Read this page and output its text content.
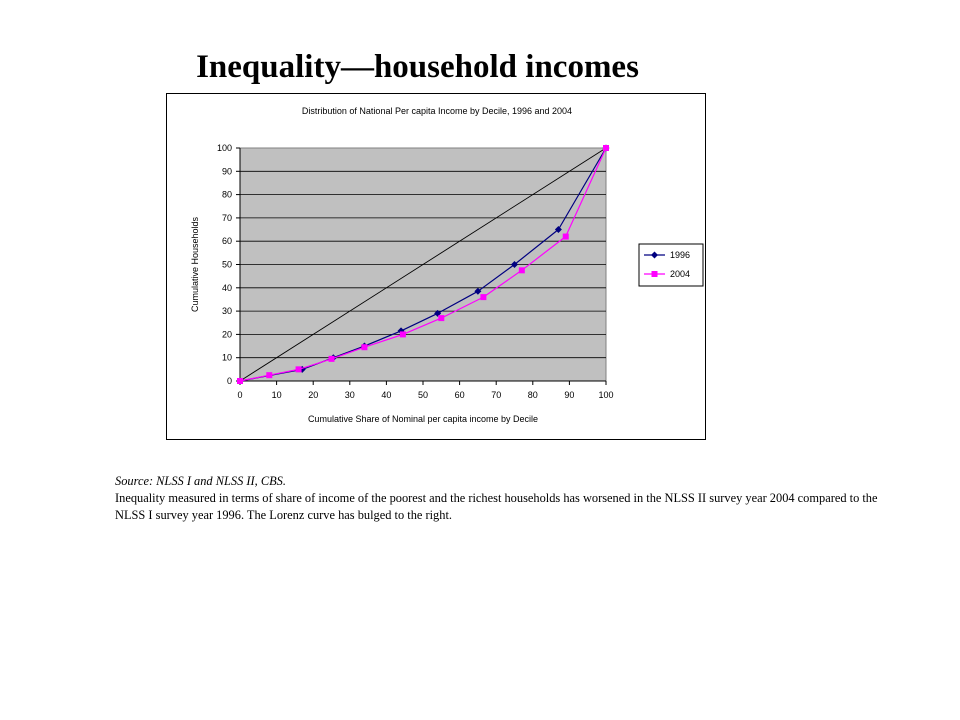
Inequality—household incomes
Distribution of National Per capita Income by Decile, 1996 and 2004
0
10
20
30
40
50
60
70
80
90
100
0	10	20	30	40	50	60	70	80	90	100
Cumulative Share of Nominal per capita income by Decile
Cumulative Households	1996
2004

Source: NLSS I and NLSS II, CBS.

Inequality measured in terms of share of income of the poorest and the richest households has worsened in the NLSS II survey year 2004 compared to the NLSS I survey year 1996. The Lorenz curve has bulged to the right.
